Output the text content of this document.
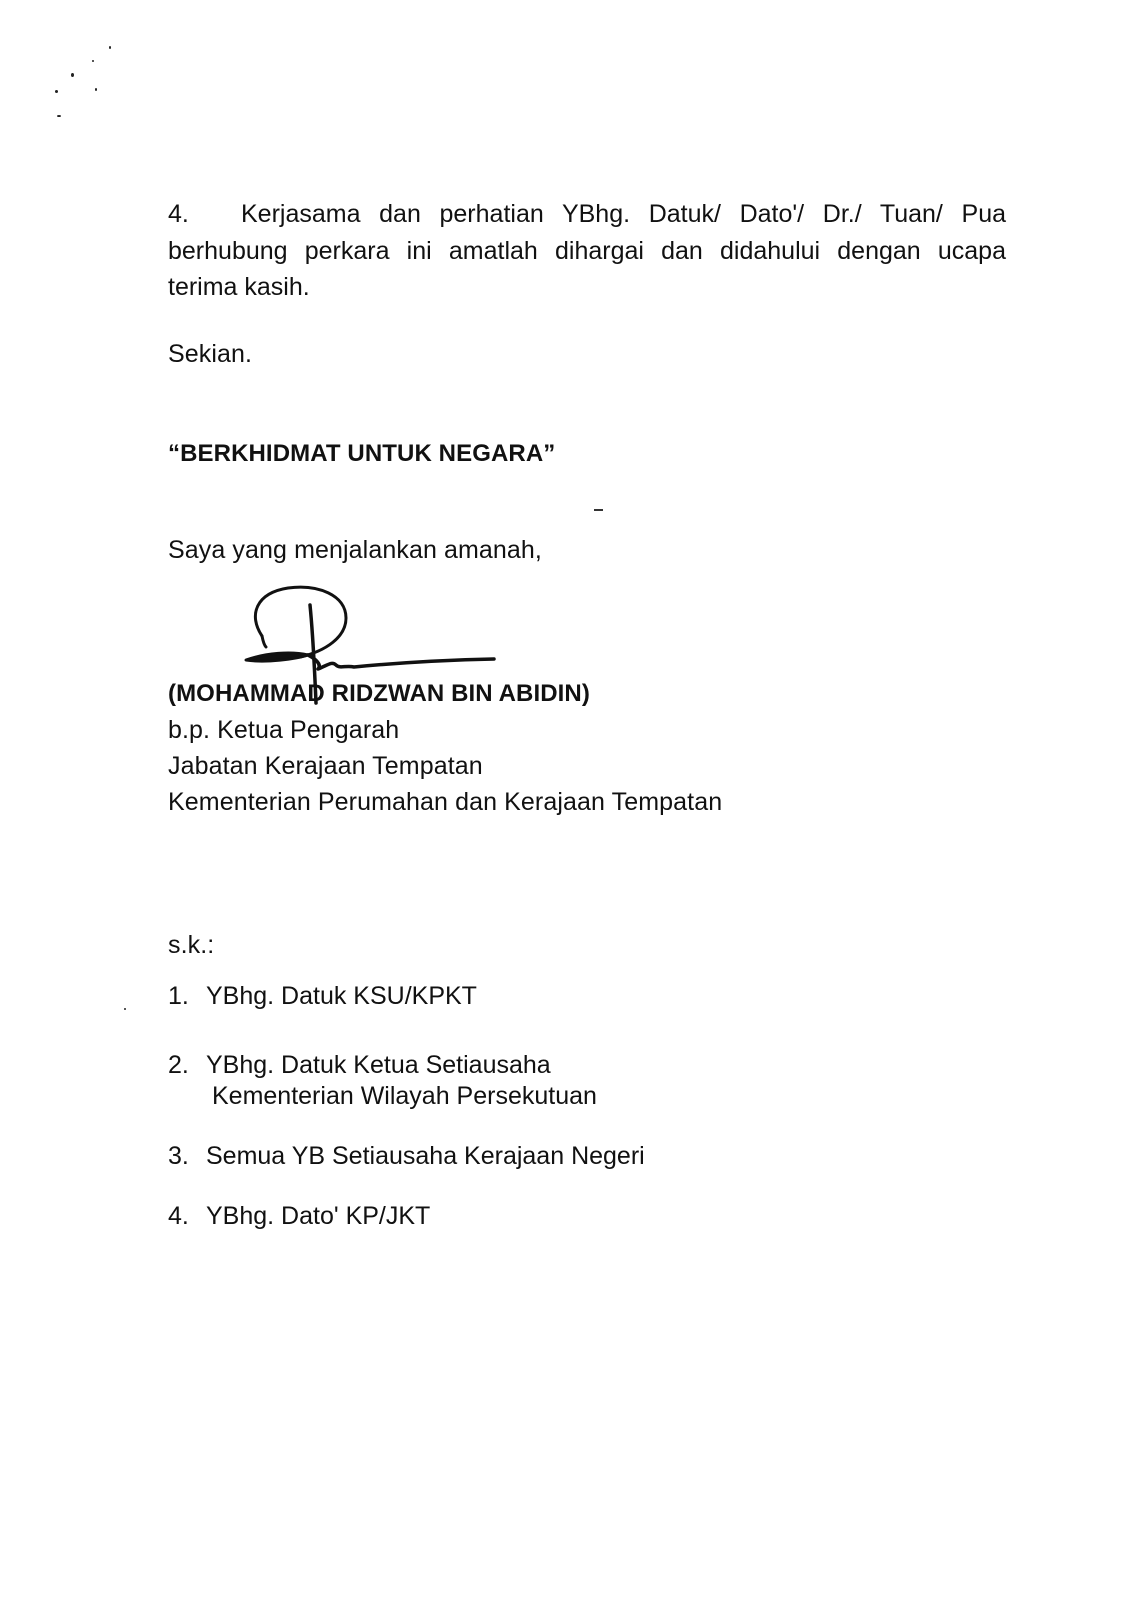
4. Kerjasama dan perhatian YBhg. Datuk/ Dato'/ Dr./ Tuan/ Pua
berhubung perkara ini amatlah dihargai dan didahului dengan ucapa
terima kasih.
Sekian.
“BERKHIDMAT UNTUK NEGARA”
Saya yang menjalankan amanah,
(MOHAMMAD RIDZWAN BIN ABIDIN)
b.p. Ketua Pengarah
Jabatan Kerajaan Tempatan
Kementerian Perumahan dan Kerajaan Tempatan
s.k.:
1. YBhg. Datuk KSU/KPKT
2. YBhg. Datuk Ketua Setiausaha
Kementerian Wilayah Persekutuan
3. Semua YB Setiausaha Kerajaan Negeri
4. YBhg. Dato' KP/JKT
